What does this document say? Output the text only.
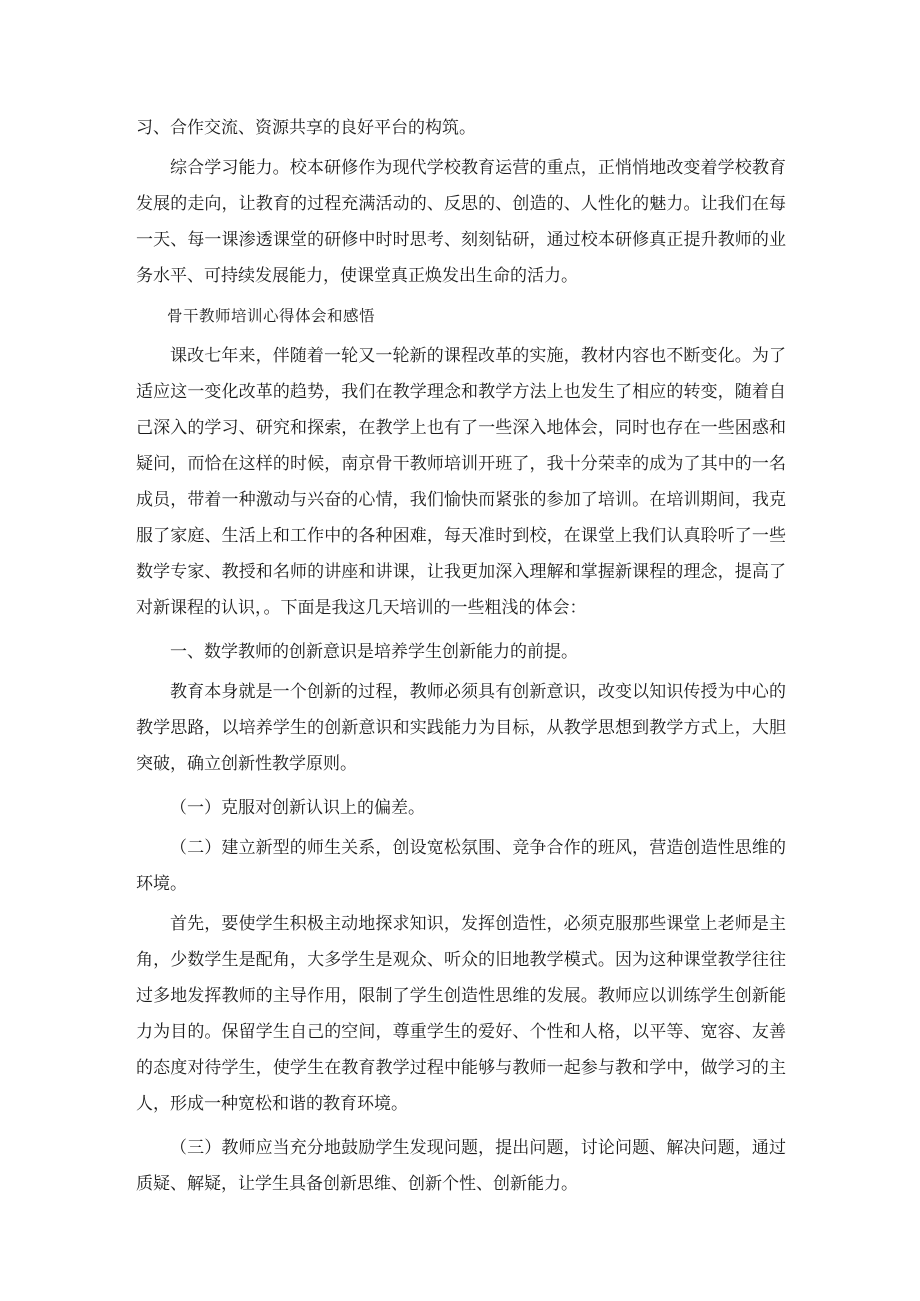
习、合作交流、资源共享的良好平台的构筑。

综合学习能力。校本研修作为现代学校教育运营的重点，正悄悄地改变着学校教育发展的走向，让教育的过程充满活动的、反思的、创造的、人性化的魅力。让我们在每一天、每一课渗透课堂的研修中时时思考、刻刻钻研，通过校本研修真正提升教师的业务水平、可持续发展能力，使课堂真正焕发出生命的活力。

骨干教师培训心得体会和感悟

课改七年来，伴随着一轮又一轮新的课程改革的实施，教材内容也不断变化。为了适应这一变化改革的趋势，我们在教学理念和教学方法上也发生了相应的转变，随着自己深入的学习、研究和探索，在教学上也有了一些深入地体会，同时也存在一些困惑和疑问，而恰在这样的时候，南京骨干教师培训开班了，我十分荣幸的成为了其中的一名成员，带着一种激动与兴奋的心情，我们愉快而紧张的参加了培训。在培训期间，我克服了家庭、生活上和工作中的各种困难，每天准时到校，在课堂上我们认真聆听了一些数学专家、教授和名师的讲座和讲课，让我更加深入理解和掌握新课程的理念，提高了对新课程的认识，。下面是我这几天培训的一些粗浅的体会：

一、数学教师的创新意识是培养学生创新能力的前提。

教育本身就是一个创新的过程，教师必须具有创新意识，改变以知识传授为中心的教学思路，以培养学生的创新意识和实践能力为目标，从教学思想到教学方式上，大胆突破，确立创新性教学原则。

（一）克服对创新认识上的偏差。

（二）建立新型的师生关系，创设宽松氛围、竞争合作的班风，营造创造性思维的环境。

首先，要使学生积极主动地探求知识，发挥创造性，必须克服那些课堂上老师是主角，少数学生是配角，大多学生是观众、听众的旧地教学模式。因为这种课堂教学往往过多地发挥教师的主导作用，限制了学生创造性思维的发展。教师应以训练学生创新能力为目的。保留学生自己的空间，尊重学生的爱好、个性和人格，以平等、宽容、友善的态度对待学生，使学生在教育教学过程中能够与教师一起参与教和学中，做学习的主人，形成一种宽松和谐的教育环境。

（三）教师应当充分地鼓励学生发现问题，提出问题，讨论问题、解决问题，通过质疑、解疑，让学生具备创新思维、创新个性、创新能力。
